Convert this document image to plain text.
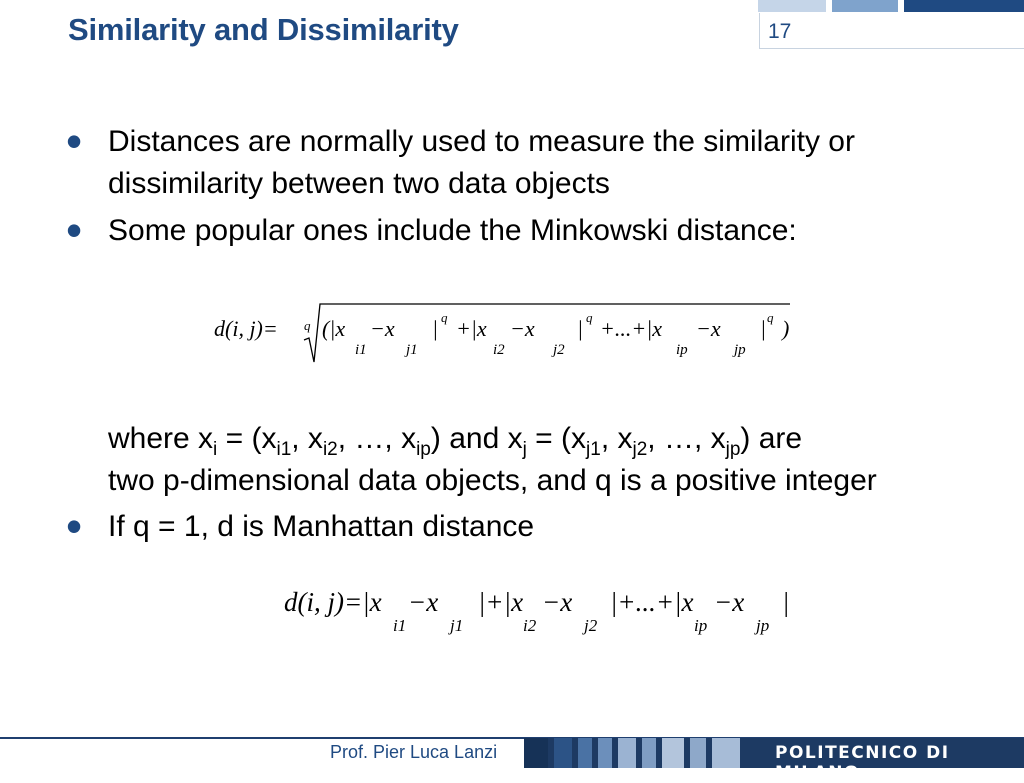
Similarity and Dissimilarity	17
• Distances are normally used to measure the similarity or
dissimilarity between two data objects
• Some popular ones include the Minkowski distance:
d(i, j)= q (|x
i1
−x
j1
| q +|x
i2
−x
j2
| q +...+|x
ip
−x
jp
| q )
where $x_i = (x_{i1}$, $x_{i2}$, …, $x_{ip}$) and $x_j = (x_{j1}$, $x_{j2}$, …, $x_{jp}$) are
two p-dimensional data objects, and q is a positive integer
• If q = 1, d is Manhattan distance
d(i, j)=|x
i1
−x
j1
|+|x
i2
−x
j2
|+...+|x
ip
−x
jp
|
Prof. Pier Luca Lanzi	POLITECNICO DI MILANO
